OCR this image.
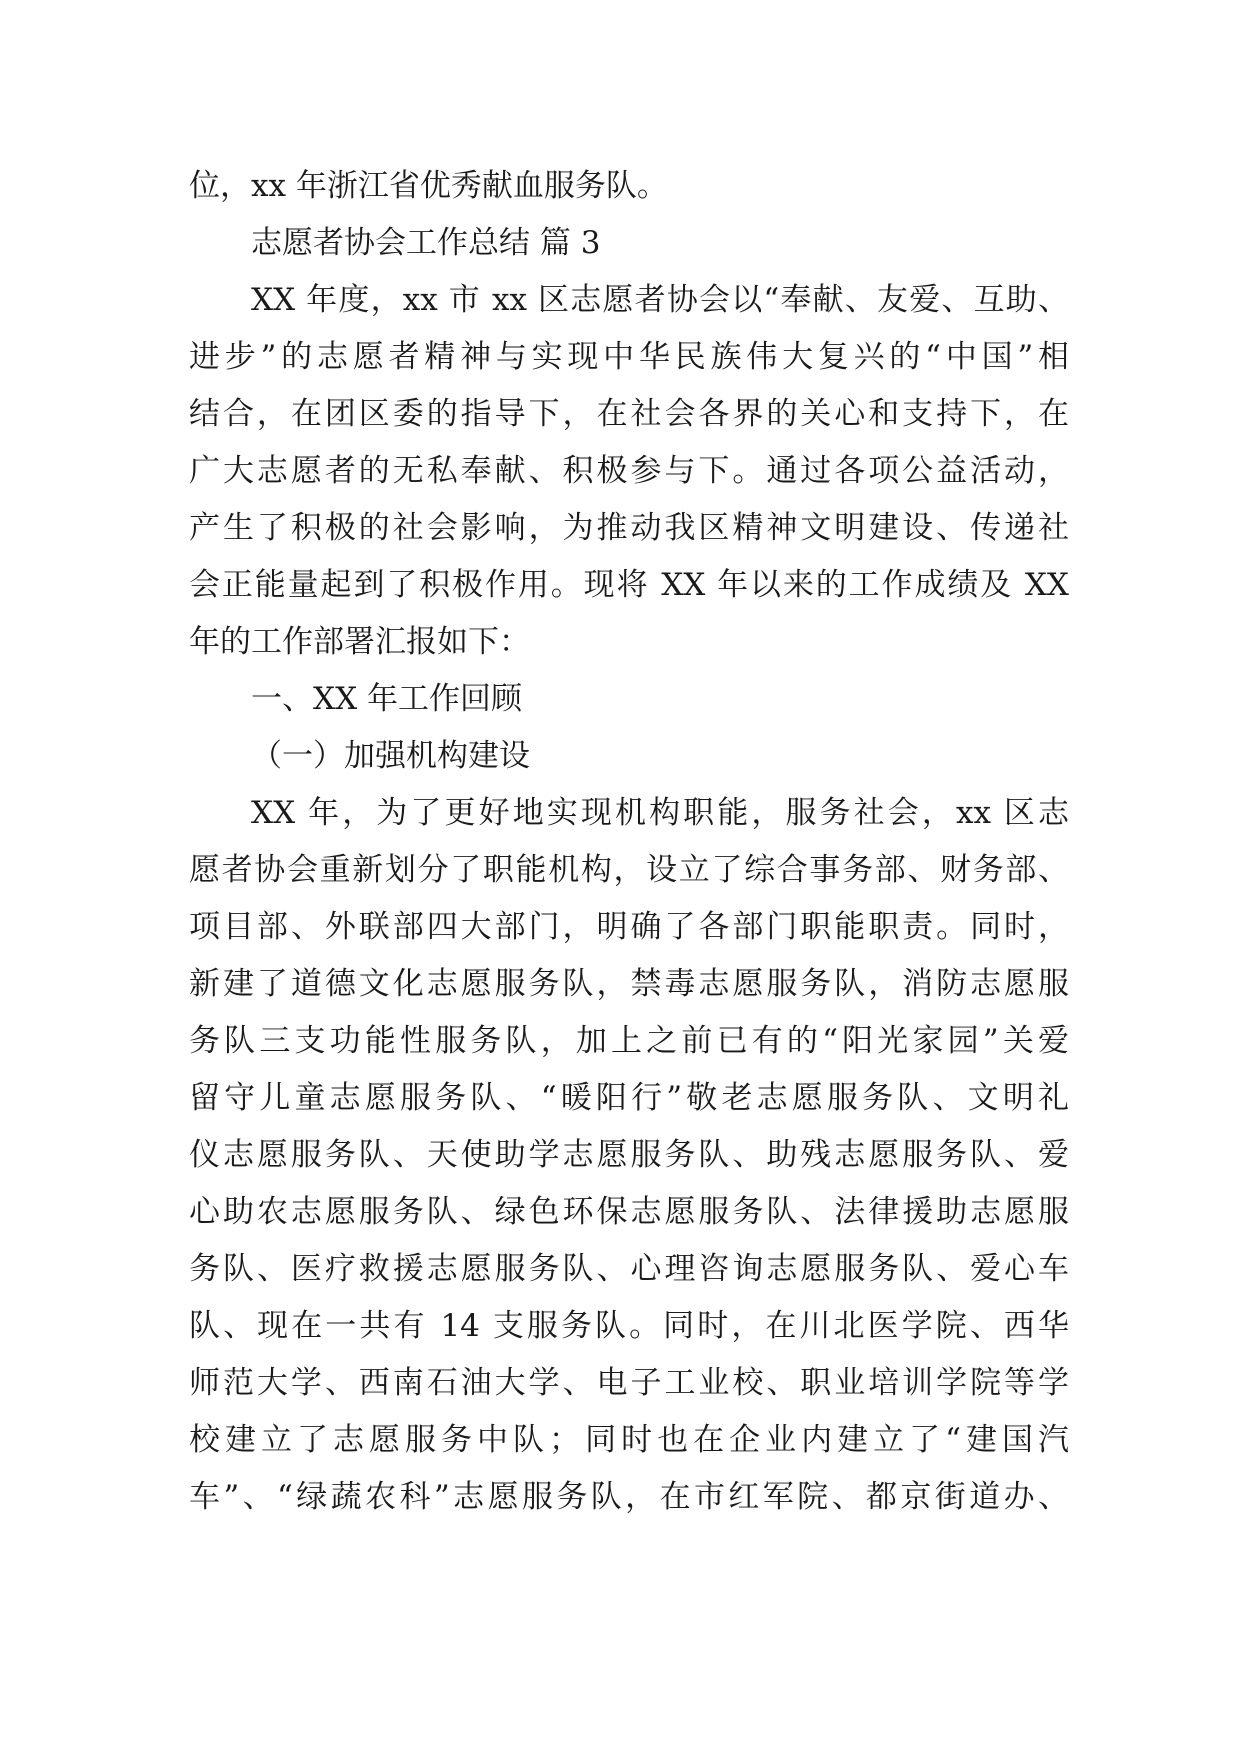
位，xx 年浙江省优秀献血服务队。
志愿者协会工作总结 篇 3
XX 年度，xx 市 xx 区志愿者协会以“奉献、友爱、互助、
进步”的志愿者精神与实现中华民族伟大复兴的“中国”相
结合，在团区委的指导下，在社会各界的关心和支持下，在
广大志愿者的无私奉献、积极参与下。通过各项公益活动，
产生了积极的社会影响，为推动我区精神文明建设、传递社
会正能量起到了积极作用。现将 XX 年以来的工作成绩及 XX
年的工作部署汇报如下：
一、XX 年工作回顾
（一）加强机构建设
XX 年，为了更好地实现机构职能，服务社会，xx 区志
愿者协会重新划分了职能机构，设立了综合事务部、财务部、
项目部、外联部四大部门，明确了各部门职能职责。同时，
新建了道德文化志愿服务队，禁毒志愿服务队，消防志愿服
务队三支功能性服务队，加上之前已有的“阳光家园”关爱
留守儿童志愿服务队、“暖阳行”敬老志愿服务队、文明礼
仪志愿服务队、天使助学志愿服务队、助残志愿服务队、爱
心助农志愿服务队、绿色环保志愿服务队、法律援助志愿服
务队、医疗救援志愿服务队、心理咨询志愿服务队、爱心车
队、现在一共有 14 支服务队。同时，在川北医学院、西华
师范大学、西南石油大学、电子工业校、职业培训学院等学
校建立了志愿服务中队；同时也在企业内建立了“建国汽
车”、“绿蔬农科”志愿服务队，在市红军院、都京街道办、
